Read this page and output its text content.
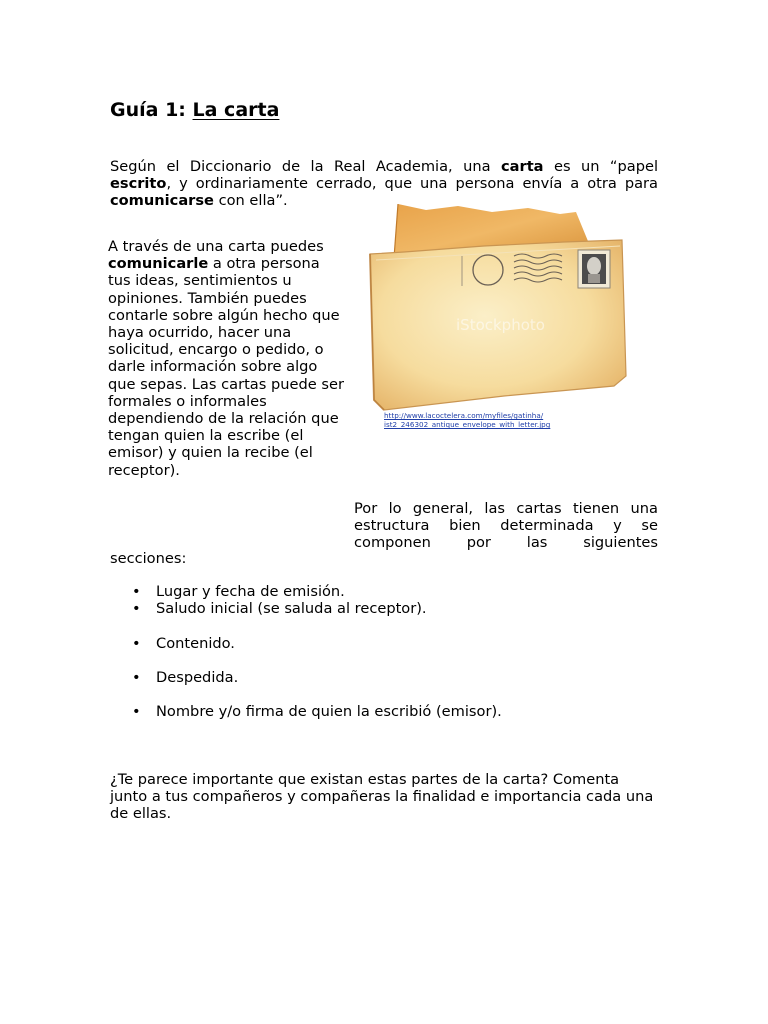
Guía 1: La carta
Según el Diccionario de la Real Academia, una carta es un “papel escrito, y ordinariamente cerrado, que una persona envía a otra para comunicarse con ella”.
A través de una carta puedes comunicarle a otra persona tus ideas, sentimientos u opiniones. También puedes contarle sobre algún hecho que haya ocurrido, hacer una solicitud, encargo o pedido, o darle información sobre algo que sepas. Las cartas puede ser formales o informales dependiendo de la relación que tengan quien la escribe (el emisor) y quien la recibe (el receptor).
iStockphoto
http://www.lacoctelera.com/myfiles/gatinha/
ist2_246302_antique_envelope_with_letter.jpg
Por lo general, las cartas tienen una estructura bien determinada y se componen por las siguientes
secciones:
• Lugar y fecha de emisión.
• Saludo inicial (se saluda al receptor).
• Contenido.
• Despedida.
• Nombre y/o firma de quien la escribió (emisor).
¿Te parece importante que existan estas partes de la carta? Comenta junto a tus compañeros y compañeras la finalidad e importancia cada una de ellas.
